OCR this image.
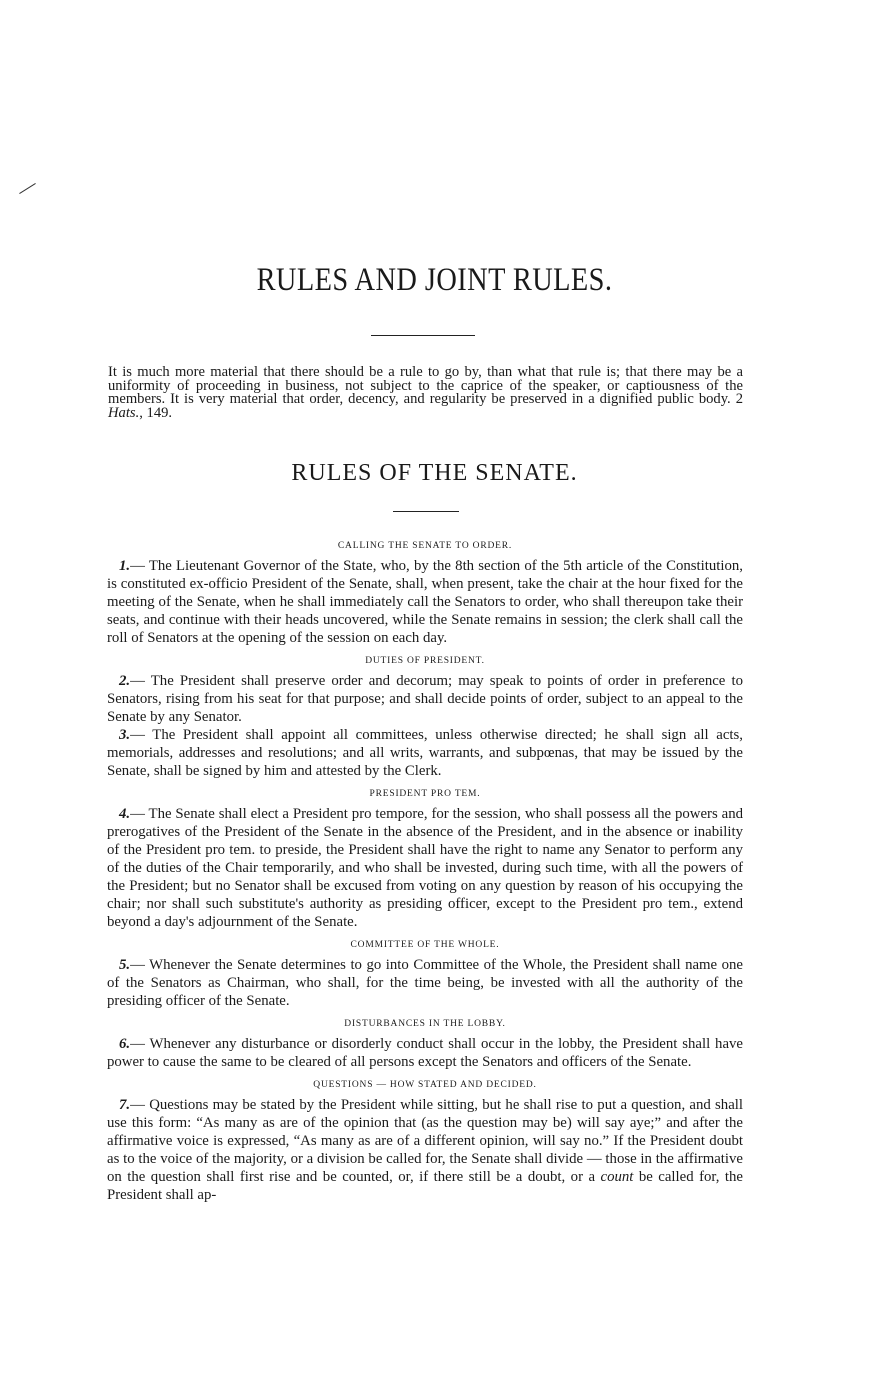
RULES AND JOINT RULES.
It is much more material that there should be a rule to go by, than what that rule is; that there may be a uniformity of proceeding in business, not subject to the caprice of the speaker, or captiousness of the members. It is very material that order, decency, and regularity be preserved in a dignified public body. 2 Hats., 149.
RULES OF THE SENATE.
CALLING THE SENATE TO ORDER.

1.— The Lieutenant Governor of the State, who, by the 8th section of the 5th article of the Constitution, is constituted ex-officio President of the Senate, shall, when present, take the chair at the hour fixed for the meeting of the Senate, when he shall immediately call the Senators to order, who shall thereupon take their seats, and continue with their heads uncovered, while the Senate remains in session; the clerk shall call the roll of Senators at the opening of the session on each day.

DUTIES OF PRESIDENT.

2.— The President shall preserve order and decorum; may speak to points of order in preference to Senators, rising from his seat for that purpose; and shall decide points of order, subject to an appeal to the Senate by any Senator.

3.— The President shall appoint all committees, unless otherwise directed; he shall sign all acts, memorials, addresses and resolutions; and all writs, warrants, and subpœnas, that may be issued by the Senate, shall be signed by him and attested by the Clerk.

PRESIDENT PRO TEM.

4.— The Senate shall elect a President pro tempore, for the session, who shall possess all the powers and prerogatives of the President of the Senate in the absence of the President, and in the absence or inability of the President pro tem. to preside, the President shall have the right to name any Senator to perform any of the duties of the Chair temporarily, and who shall be invested, during such time, with all the powers of the President; but no Senator shall be excused from voting on any question by reason of his occupying the chair; nor shall such substitute's authority as presiding officer, except to the President pro tem., extend beyond a day's adjournment of the Senate.

COMMITTEE OF THE WHOLE.

5.— Whenever the Senate determines to go into Committee of the Whole, the President shall name one of the Senators as Chairman, who shall, for the time being, be invested with all the authority of the presiding officer of the Senate.

DISTURBANCES IN THE LOBBY.

6.— Whenever any disturbance or disorderly conduct shall occur in the lobby, the President shall have power to cause the same to be cleared of all persons except the Senators and officers of the Senate.

QUESTIONS — HOW STATED AND DECIDED.

7.— Questions may be stated by the President while sitting, but he shall rise to put a question, and shall use this form: “As many as are of the opinion that (as the question may be) will say aye;” and after the affirmative voice is expressed, “As many as are of a different opinion, will say no.” If the President doubt as to the voice of the majority, or a division be called for, the Senate shall divide — those in the affirmative on the question shall first rise and be counted, or, if there still be a doubt, or a count be called for, the President shall ap-
